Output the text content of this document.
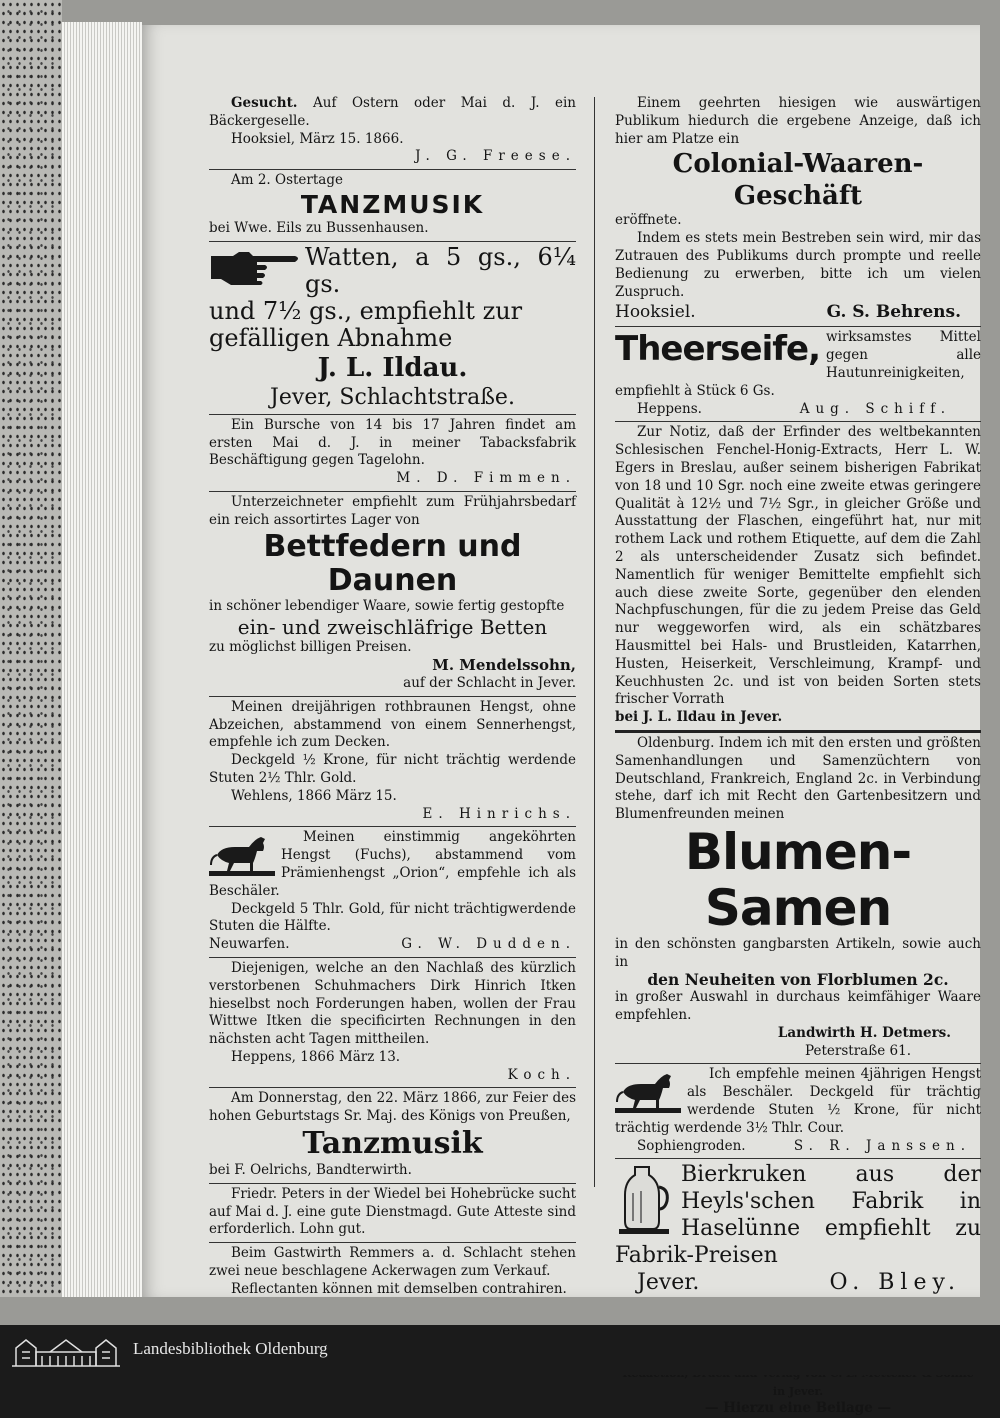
Gesucht. Auf Ostern oder Mai d. J. ein Bäckergeselle.

Hooksiel, März 15. 1866.

J. G. Freese.

Am 2. Ostertage

TANZMUSIK

bei Wwe. Eils zu Bussenhausen.

Watten, a 5 gs., 6¼ gs.

und 7½ gs., empfiehlt zur

gefälligen Abnahme

J. L. Ildau.

Jever, Schlachtstraße.

Ein Bursche von 14 bis 17 Jahren findet am ersten Mai d. J. in meiner Tabacksfabrik Beschäftigung gegen Tagelohn.

M. D. Fimmen.

Unterzeichneter empfiehlt zum Frühjahrsbedarf ein reich assortirtes Lager von

Bettfedern und Daunen

in schöner lebendiger Waare, sowie fertig gestopfte

ein- und zweischläfrige Betten

zu möglichst billigen Preisen.

M. Mendelssohn,

auf der Schlacht in Jever.

Meinen dreijährigen rothbraunen Hengst, ohne Abzeichen, abstammend von einem Sennerhengst, empfehle ich zum Decken.

Deckgeld ½ Krone, für nicht trächtig werdende Stuten 2½ Thlr. Gold.

Wehlens, 1866 März 15.

E. Hinrichs.

Meinen einstimmig angeköhrten Hengst (Fuchs), abstammend vom Prämienhengst „Orion“, empfehle ich als Beschäler.

Deckgeld 5 Thlr. Gold, für nicht trächtigwerdende Stuten die Hälfte.

Neuwarfen.	G. W. Dudden.

Diejenigen, welche an den Nachlaß des kürzlich verstorbenen Schuhmachers Dirk Hinrich Itken hieselbst noch Forderungen haben, wollen der Frau Wittwe Itken die specificirten Rechnungen in den nächsten acht Tagen mittheilen.

Heppens, 1866 März 13.

Koch.

Am Donnerstag, den 22. März 1866, zur Feier des hohen Geburtstags Sr. Maj. des Königs von Preußen,

Tanzmusik

bei F. Oelrichs, Bandterwirth.

Friedr. Peters in der Wiedel bei Hohebrücke sucht auf Mai d. J. eine gute Dienstmagd. Gute Atteste sind erforderlich. Lohn gut.

Beim Gastwirth Remmers a. d. Schlacht stehen zwei neue beschlagene Ackerwagen zum Verkauf.

Reflectanten können mit demselben contrahiren.

Einem geehrten hiesigen wie auswärtigen Publikum hiedurch die ergebene Anzeige, daß ich hier am Platze ein

Colonial-Waaren-

Geschäft

eröffnete.

Indem es stets mein Bestreben sein wird, mir das Zutrauen des Publikums durch prompte und reelle Bedienung zu erwerben, bitte ich um vielen Zuspruch.

Hooksiel.	G. S. Behrens.

Theerseife, wirksamstes Mittel gegen alle Hautunreinigkeiten, empfiehlt à Stück 6 Gs.

Heppens.	Aug. Schiff.

Zur Notiz, daß der Erfinder des weltbekannten Schlesischen Fenchel-Honig-Extracts, Herr L. W. Egers in Breslau, außer seinem bisherigen Fabrikat von 18 und 10 Sgr. noch eine zweite etwas geringere Qualität à 12½ und 7½ Sgr., in gleicher Größe und Ausstattung der Flaschen, eingeführt hat, nur mit rothem Lack und rothem Etiquette, auf dem die Zahl 2 als unterscheidender Zusatz sich befindet. Namentlich für weniger Bemittelte empfiehlt sich auch diese zweite Sorte, gegenüber den elenden Nachpfuschungen, für die zu jedem Preise das Geld nur weggeworfen wird, als ein schätzbares Hausmittel bei Hals- und Brustleiden, Katarrhen, Husten, Heiserkeit, Verschleimung, Krampf- und Keuchhusten 2c. und ist von beiden Sorten stets frischer Vorrath

bei J. L. Ildau in Jever.

Oldenburg. Indem ich mit den ersten und größten Samenhandlungen und Samenzüchtern von Deutschland, Frankreich, England 2c. in Verbindung stehe, darf ich mit Recht den Gartenbesitzern und Blumenfreunden meinen

Blumen-Samen

in den schönsten gangbarsten Artikeln, sowie auch in

den Neuheiten von Florblumen 2c.

in großer Auswahl in durchaus keimfähiger Waare empfehlen.

Landwirth H. Detmers.

Peterstraße 61.

Ich empfehle meinen 4jährigen Hengst als Beschäler. Deckgeld für trächtig werdende Stuten ½ Krone, für nicht trächtig werdende 3½ Thlr. Cour.

Sophiengroden.	S. R. Janssen.

Bierkruken aus der Heyls'schen Fabrik in Haselünne empfiehlt zu Fabrik-Preisen

Jever.	O. Bley.

in Jever.

— Hierzu eine Beilage —

Landesbibliothek Oldenburg
